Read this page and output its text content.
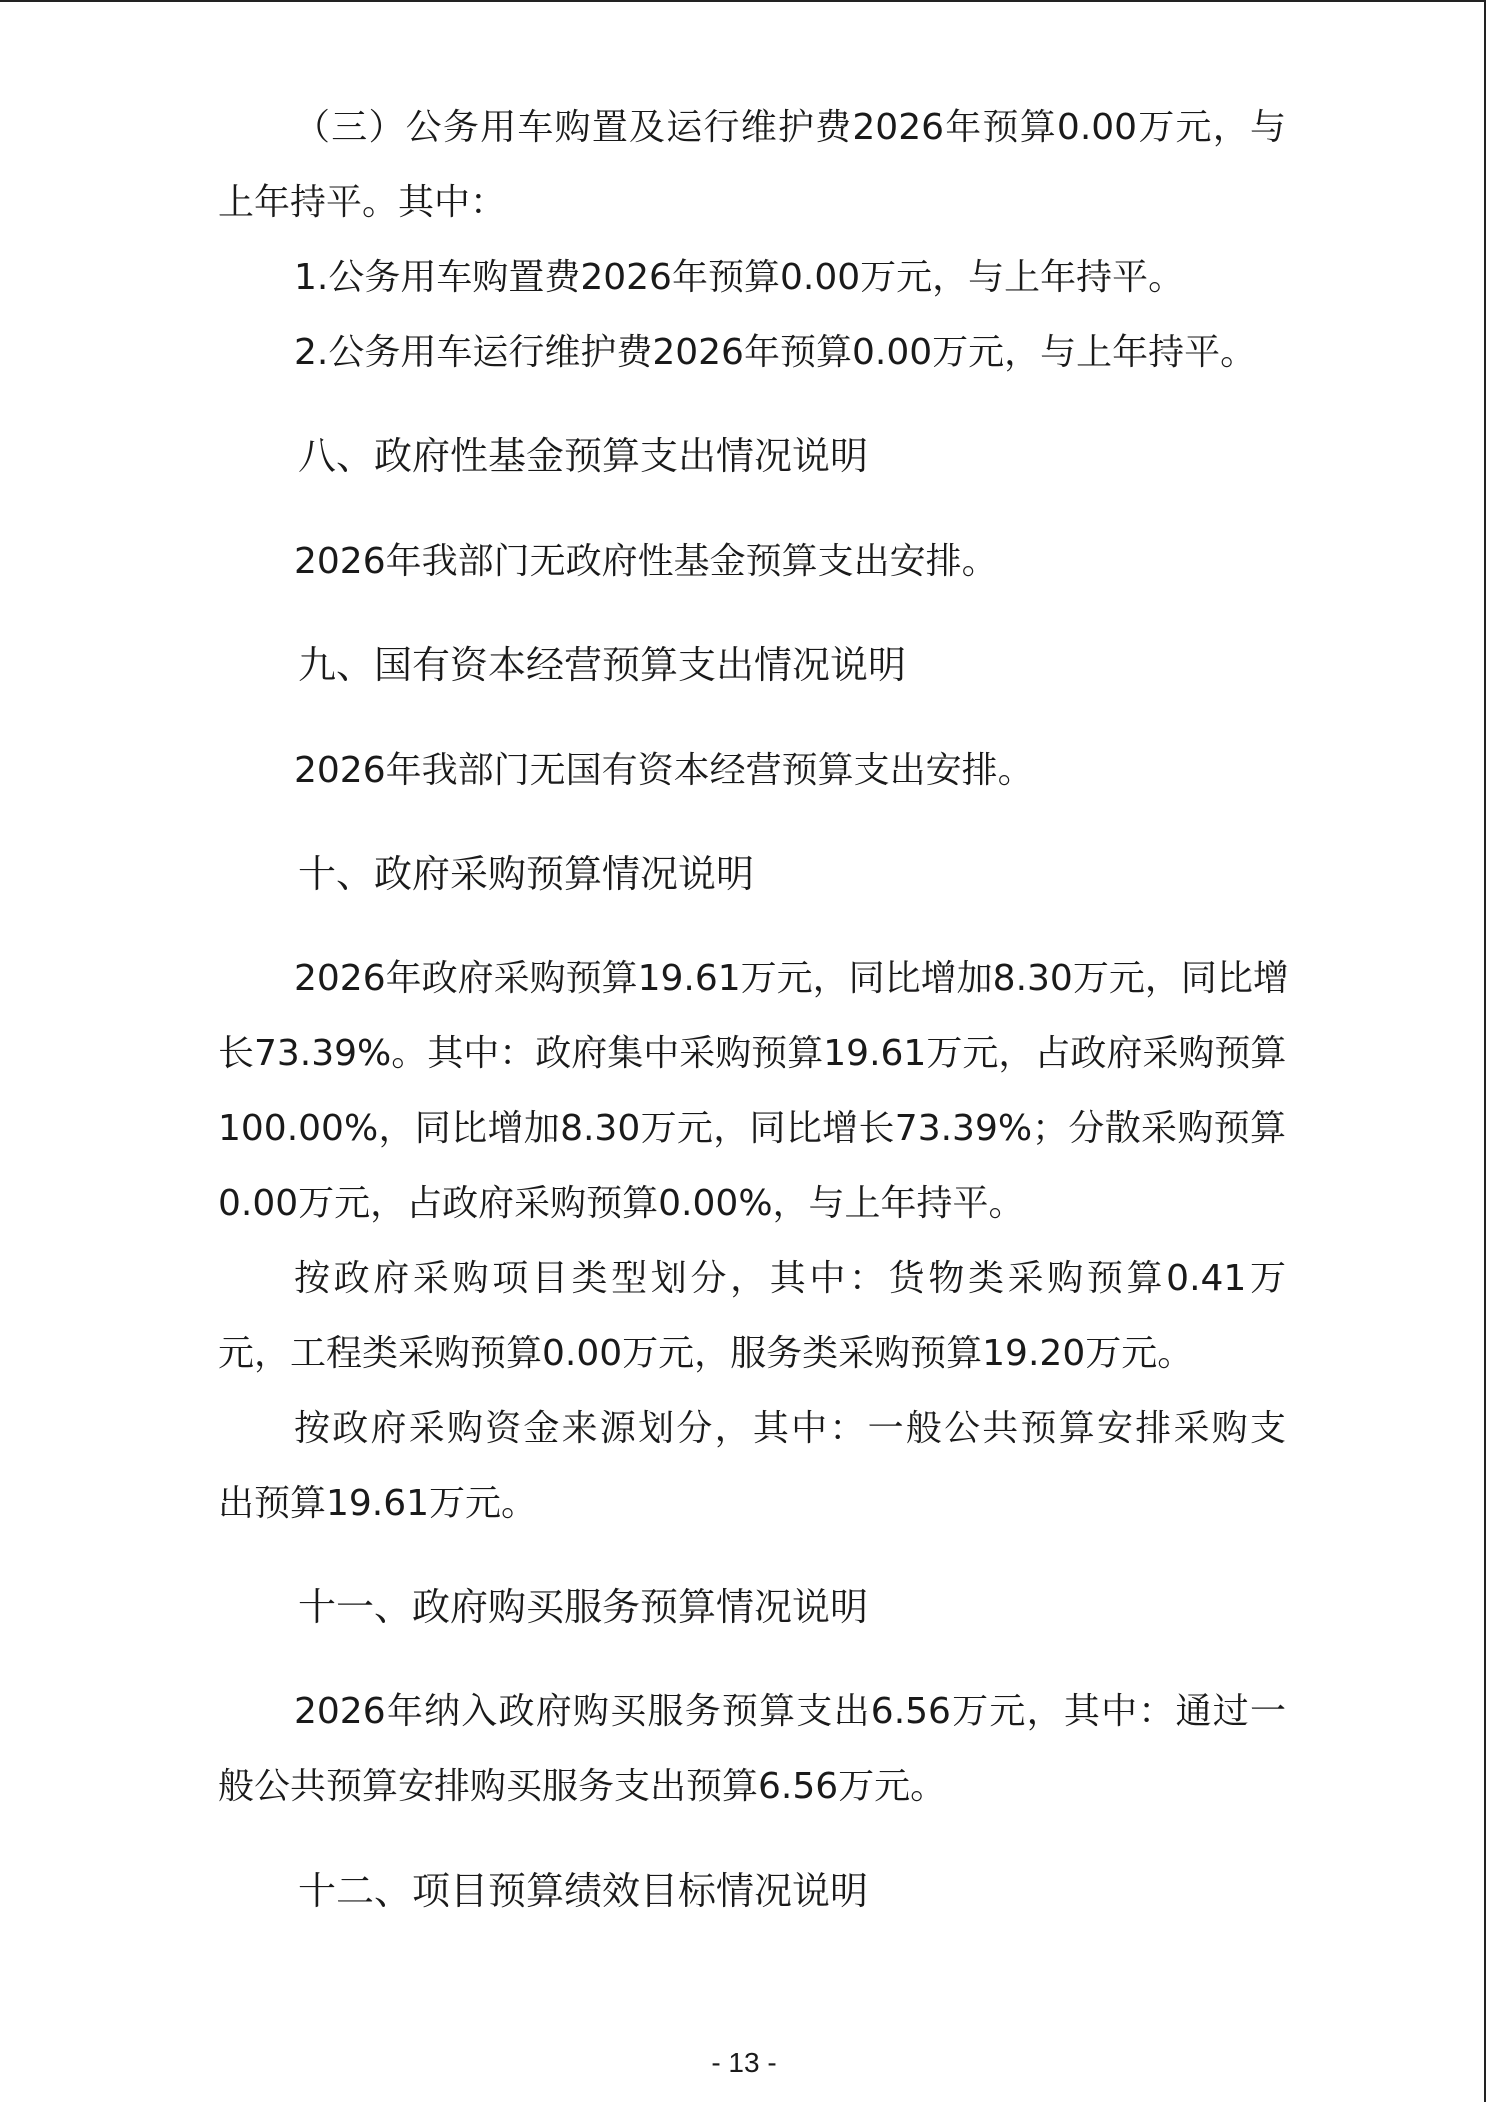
（三）公务用车购置及运行维护费2026年预算0.00万元，与
上年持平。其中：
1.公务用车购置费2026年预算0.00万元，与上年持平。
2.公务用车运行维护费2026年预算0.00万元，与上年持平。
八、政府性基金预算支出情况说明
2026年我部门无政府性基金预算支出安排。
九、国有资本经营预算支出情况说明
2026年我部门无国有资本经营预算支出安排。
十、政府采购预算情况说明
2026年政府采购预算19.61万元，同比增加8.30万元，同比增
长73.39%。其中：政府集中采购预算19.61万元，占政府采购预算
100.00%，同比增加8.30万元，同比增长73.39%；分散采购预算
0.00万元，占政府采购预算0.00%，与上年持平。
按政府采购项目类型划分，其中：货物类采购预算0.41万
元，工程类采购预算0.00万元，服务类采购预算19.20万元。
按政府采购资金来源划分，其中：一般公共预算安排采购支
出预算19.61万元。
十一、政府购买服务预算情况说明
2026年纳入政府购买服务预算支出6.56万元，其中：通过一
般公共预算安排购买服务支出预算6.56万元。
十二、项目预算绩效目标情况说明
- 13 -
